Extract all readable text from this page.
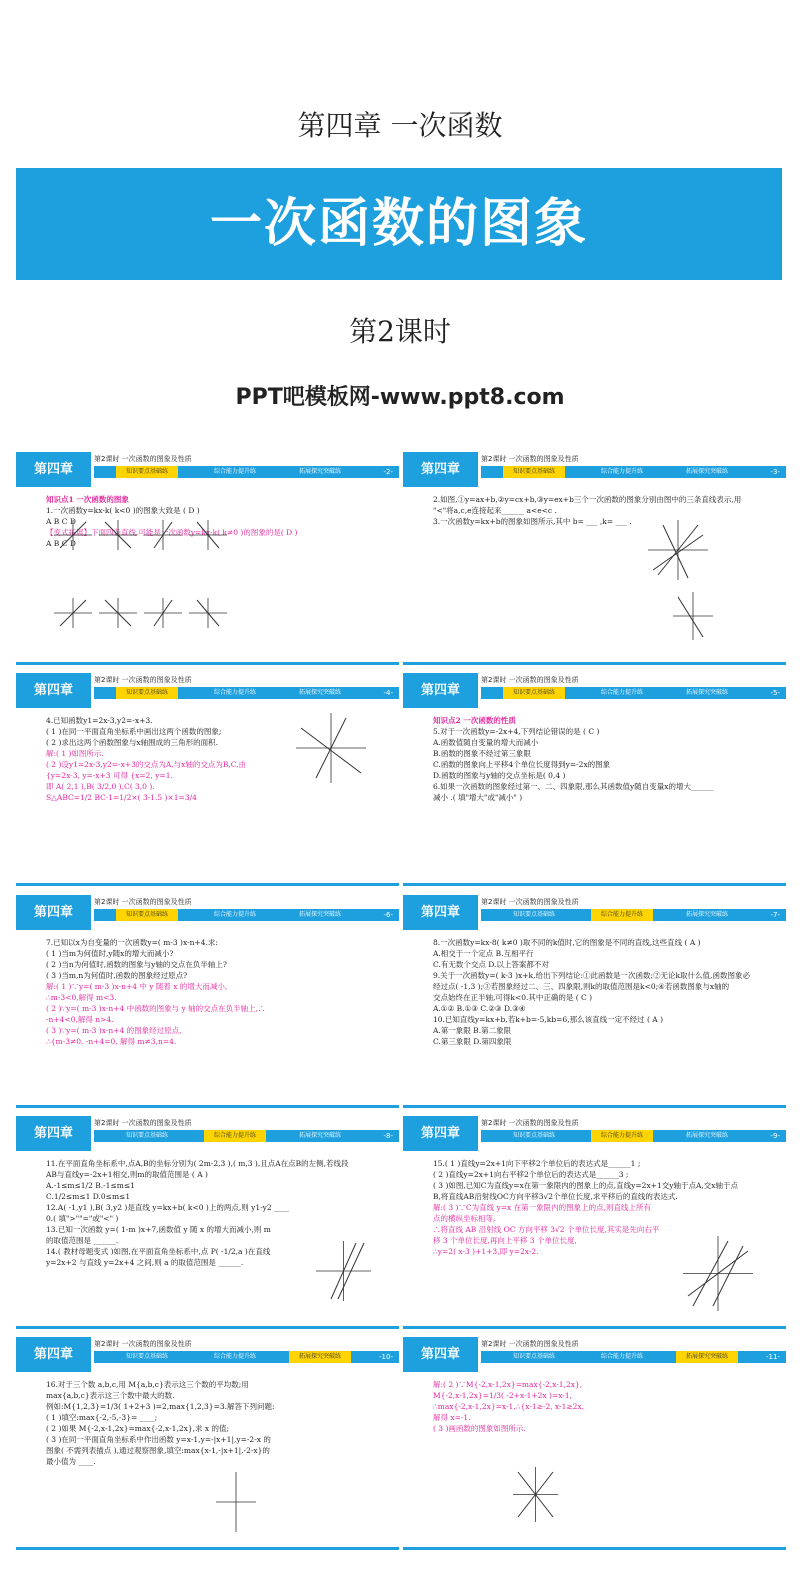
第四章 一次函数
一次函数的图象
第2课时
PPT吧模板网-www.ppt8.com
第四章
第2课时 一次函数的图象及性质
知识要点基础练	综合能力提升练	拓展探究突破练	-2-
知识点1 一次函数的图象
1.一次函数y=kx-k( k<0 )的图象大致是 ( D )
A B C D
【变式拓展】下面四条直线,可能是一次函数y=kx-k( k≠0 )的图象的是( D )
A B C D
第四章
第2课时 一次函数的图象及性质
知识要点基础练	综合能力提升练	拓展探究突破练	-3-
2.如图,①y=ax+b,②y=cx+b,③y=ex+b三个一次函数的图象分别由图中的三条直线表示,用
"<"将a,c,e连接起来______ a<e<c .
3.一次函数y=kx+b的图象如图所示,其中 b= ___ ,k= ___ .
第四章
第2课时 一次函数的图象及性质
知识要点基础练	综合能力提升练	拓展探究突破练	-4-
4.已知函数y1=2x-3,y2=-x+3.
( 1 )在同一平面直角坐标系中画出这两个函数的图象;
( 2 )求出这两个函数图象与x轴围成的三角形的面积.
解:( 1 )如图所示.
( 2 )设y1=2x-3,y2=-x+3的交点为A,与x轴的交点为B,C,由
{y=2x-3, y=-x+3 可得 {x=2, y=1.
即 A( 2,1 ),B( 3/2,0 ),C( 3,0 ).
S△ABC=1/2 BC·1=1/2×( 3-1.5 )×1=3/4
第四章
第2课时 一次函数的图象及性质
知识要点基础练	综合能力提升练	拓展探究突破练	-5-
知识点2 一次函数的性质
5.对于一次函数y=-2x+4,下列结论错误的是 ( C )
A.函数值随自变量的增大而减小
B.函数的图象不经过第三象限
C.函数的图象向上平移4个单位长度得到y=-2x的图象
D.函数的图象与y轴的交点坐标是( 0,4 )
6.如果一次函数的图象经过第一、二、四象限,那么其函数值y随自变量x的增大______
减小 .( 填"增大"或"减小" )
第四章
第2课时 一次函数的图象及性质
知识要点基础练	综合能力提升练	拓展探究突破练	-6-
7.已知以x为自变量的一次函数y=( m-3 )x-n+4.求:
( 1 )当m为何值时,y随x的增大而减小?
( 2 )当n为何值时,函数的图象与y轴的交点在负半轴上?
( 3 )当m,n为何值时,函数的图象经过原点?
解:( 1 )∵y=( m-3 )x-n+4 中 y 随着 x 的增大而减小,
∴m-3<0,解得 m<3.
( 2 )∵y=( m-3 )x-n+4 中函数的图象与 y 轴的交点在负半轴上,∴
-n+4<0,解得 n>4.
( 3 )∵y=( m-3 )x-n+4 的图象经过原点,
∴{m-3≠0, -n+4=0, 解得 m≠3,n=4.
第四章
第2课时 一次函数的图象及性质
知识要点基础练	综合能力提升练	拓展探究突破练	-7-
8.一次函数y=kx-8( k≠0 )取不同的k值时,它的图象是不同的直线,这些直线 ( A )
A.相交于一个定点 B.互相平行
C.有无数个交点 D.以上答案都不对
9.关于一次函数y=( k-3 )x+k,给出下列结论:①此函数是一次函数;②无论k取什么值,函数图象必
经过点( -1,3 );③若图象经过二、三、四象限,则k的取值范围是k<0;④若函数图象与x轴的
交点始终在正半轴,可得k<0.其中正确的是 ( C )
A.①② B.①③ C.②③ D.③④
10.已知直线y=kx+b,若k+b=-5,kb=6,那么该直线一定不经过 ( A )
A.第一象限 B.第二象限
C.第三象限 D.第四象限
第四章
第2课时 一次函数的图象及性质
知识要点基础练	综合能力提升练	拓展探究突破练	-8-
11.在平面直角坐标系中,点A,B的坐标分别为( 2m-2,3 ),( m,3 ),且点A在点B的左侧,若线段
AB与直线y=-2x+1相交,则m的取值范围是 ( A )
A.-1≤m≤1/2 B.-1≤m≤1
C.1/2≤m≤1 D.0≤m≤1
12.A( -1,y1 ),B( 3,y2 )是直线 y=kx+b( k<0 )上的两点,则 y1-y2 ____
0.( 填">""="或"<" )
13.已知一次函数 y=( 1-m )x+7,函数值 y 随 x 的增大而减小,则 m
的取值范围是 ______.
14.( 教材母题变式 )如图,在平面直角坐标系中,点 P( -1/2,a )在直线
y=2x+2 与直线 y=2x+4 之间,则 a 的取值范围是 ______.
第四章
第2课时 一次函数的图象及性质
知识要点基础练	综合能力提升练	拓展探究突破练	-9-
15.( 1 )直线y=2x+1向下平移2个单位后的表达式是______1 ;
( 2 )直线y=2x+1向右平移2个单位后的表达式是______3 ;
( 3 )如图,已知C为直线y=x在第一象限内的图象上的点,直线y=2x+1交y轴于点A,交x轴于点
B,将直线AB沿射线OC方向平移3√2个单位长度,求平移后的直线的表达式.
解:( 3 )∵C为直线 y=x 在第一象限内的图象上的点,则直线上所有
点的横纵坐标相等,
∴将直线 AB 沿射线 OC 方向平移 3√2 个单位长度,其实是先向右平
移 3 个单位长度,再向上平移 3 个单位长度,
∴y=2( x-3 )+1+3,即 y=2x-2.
第四章
第2课时 一次函数的图象及性质
知识要点基础练	综合能力提升练	拓展探究突破练	-10-
16.对于三个数 a,b,c,用 M{a,b,c}表示这三个数的平均数;用
max{a,b,c}表示这三个数中最大的数.
例如:M{1,2,3}=1/3( 1+2+3 )=2,max{1,2,3}=3.解答下列问题:
( 1 )填空:max{-2,-5,-3}= ____;
( 2 )如果 M{-2,x-1,2x}=max{-2,x-1,2x},求 x 的值;
( 3 )在同一平面直角坐标系中作出函数 y=x-1,y=-|x+1|,y=-2-x 的
图象( 不需列表描点 ),通过观察图象,填空:max{x-1,-|x+1|,-2-x}的
最小值为 ____.
第四章
第2课时 一次函数的图象及性质
知识要点基础练	综合能力提升练	拓展探究突破练	-11-
解:( 2 )∵M{-2,x-1,2x}=max{-2,x-1,2x},
M{-2,x-1,2x}=1/3( -2+x-1+2x )=x-1,
∴max{-2,x-1,2x}=x-1,∴{x-1≥-2, x-1≥2x,
解得 x=-1.
( 3 )画函数的图象如图所示.
